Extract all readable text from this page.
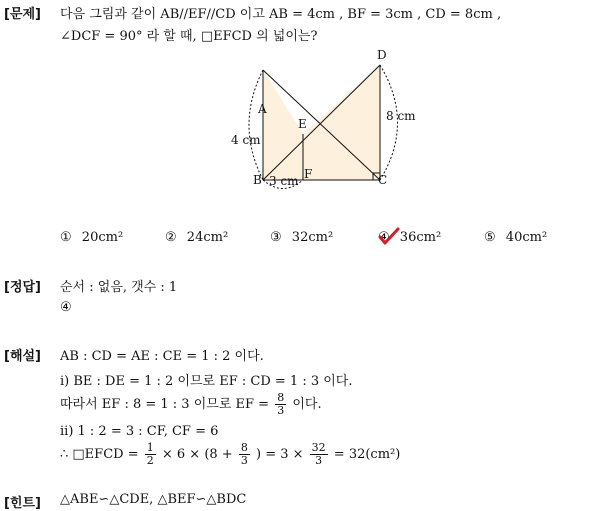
[문제] 다음 그림과 같이 AB//EF//CD 이고 AB = 4cm , BF = 3cm , CD = 8cm ,
∠DCF = 90° 라 할 때, □EFCD 의 넓이는?
A
B	C
D
E
F
4 cm
3 cm
8 cm
① 20cm²	② 24cm²	③ 32cm²	④ 36cm²	⑤ 40cm²
[정답] 순서 : 없음, 갯수 : 1
④
[해설] AB : CD = AE : CE = 1 : 2 이다.
ⅰ) BE : DE = 1 : 2 이므로 EF : CD = 1 : 3 이다.
따라서 EF : 8 = 1 : 3 이므로 EF = $\frac{8}{3}$ 이다.
ⅱ) 1 : 2 = 3 : CF, CF = 6
∴ □EFCD = $\frac{1}{2} \times 6 \times (8 + \frac{8}{3}$ ) = $3 \times \frac{32}{3} = 32(cm^2)$
[힌트] △ABE∽△CDE, △BEF∽△BDC
